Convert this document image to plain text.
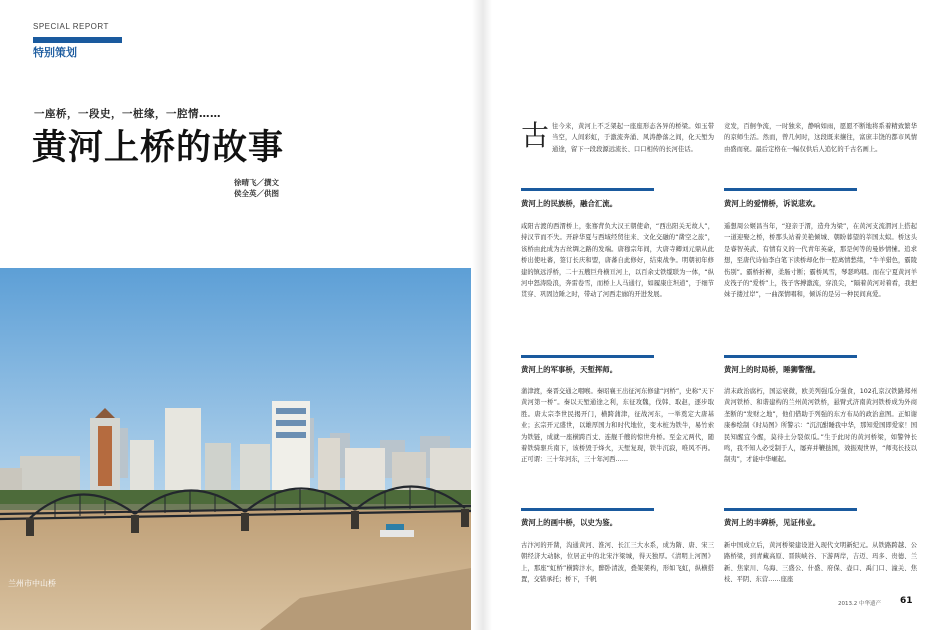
SPECIAL REPORT
特别策划
一座桥，一段史，一桩缘，一腔情……
黄河上桥的故事
徐晴飞／撰文
侯全英／供图
兰州市中山桥
古 往今来，黄河上不乏架起一座座形态各异的桥梁。如玉带当空，人间彩虹，于激流奔涌、风涛静落之间，化天堑为通途，留下一段段源远流长、口口相传的长河佳话。

竞发，百舸争流，一时独来，静响如雨，愿愿不断地将系着精致繁华的京师生活。然而，曾几何时，这段既来攘往，富庶丰饶的都市风情由盛而衰。最后定格在一幅仅供后人追忆的千古名画上。

黄河上的民族桥，融合汇流。

咸阳古渡的西渭桥上，张骞背负大汉王朝使命，“西出阳关无故人”，持汉节而不失。开辟华夏与西域经贸往来、文化交融的“凿空之旅”，该桥由此成为古丝绸之路的发端。唐穆宗年间，大唐寺卿刘元鼎从此桥出使吐蕃，签订长庆和盟，唐蕃自此修好，结束战争。明朝初年修建的镇远浮桥，二十五艘巨舟横亘河上，以百余丈铁缆联为一体，“纵河中怒涛险浪，奔雷卷雪，而桥上人马通行，如履康庄坦道”，于细节贯穿、巩固边陲之时，带动了河西走廊的开进发展。

黄河上的军事桥，天堑挥师。

蒲津渡，秦晋交通之咽喉。秦昭襄王出征河东修建“河桥”，史称“天下黄河第一桥”。秦以天堑通途之利，东征攻魏，伐韩、取赵，逐步取胜。唐太宗李世民揭开门，横跨蒲津，征战河东，一举奠定大唐基业；玄宗开元盛世，以雄厚国力和时代地位，变木桩为铁牛，易竹索为铁链，成就一座横跨百丈、连舰千艘的惊世舟桥。至金元两代，随着铁骑驱兵南下，该桥毁于烽火，天堑复现，铁牛沉寂，唯风不再。正可谓：三十年河东，三十年河西……

黄河上的画中桥，以史为鉴。

古汴河的开凿，沟通黄河、淮河、长江三大水系，成为隋、唐、宋三朝经济大动脉，位居正中的北宋汴梁城，得天独厚。《清明上河图》上，那座“虹桥”横跨汴水，醉卧清波，叠架架构，形如飞虹，纵横搭置，交错承托；桥下，千帆

黄河上的爱情桥，诉说悲欢。

遥想周公姬昌当年，“迎亲于渭，造舟为梁”，在黄河支流渭河上搭起一道迎娶之桥，桥那头站着美艳倾城、朝盼暮望的莘国太姒。桥这头是睿智英武、有情有义的一代青年英豪，那是何等的曼妙情愫。追求想，至唐代诗仙李白笔下读桥却化作一腔离情愁绪，“牛羊猎色，霸陵伤别”。霸桥折柳，柔肠寸断；霸桥风雪，琴瑟鸣咽。而在宁夏黄河羊皮筏子的“爱桥”上，筏子客搏激流，穿浪尖，“隔着黄河对着看，我把妹子搂过岸”，一曲深情唱和，倾诉的是另一种民间真爱。

黄河上的时局桥，睡狮警醒。

清末政治腐朽，国运衰微，欧美列强瓜分强食，102孔京汉铁路郑州黄河铁桥、和谐建构的兰州黄河铁桥，悬臂式济南黄河铁桥成为外商垄断的“发财之地”，他们借助于列强的东方布局的政治意图。正如谢康参绘制《时局图》所警示：“沉沉酣睡我中华，那知爱国即爱家！国民知醒宜今醒，莫待土分裂似瓜。”生于此时的黄河桥梁，如警钟长鸣，我不知人必受制于人，屡弃并鞭挞国，效振观世界，“师夷长技以制夷”，才能中华崛起。

黄河上的丰碑桥，见证伟业。

新中国成立后，黄河桥梁建设进入现代文明新纪元。从铁路跨越、公路桥梁，到青藏高原、晋陕峡谷、下游两岸，吉迈、玛多、贵德、兰新、焦家川、乌海、三盛公、什盛、府保、壶口、禹门口、潼关、焦枝、平阴、东营……座座

2013.2 中华遗产 61
